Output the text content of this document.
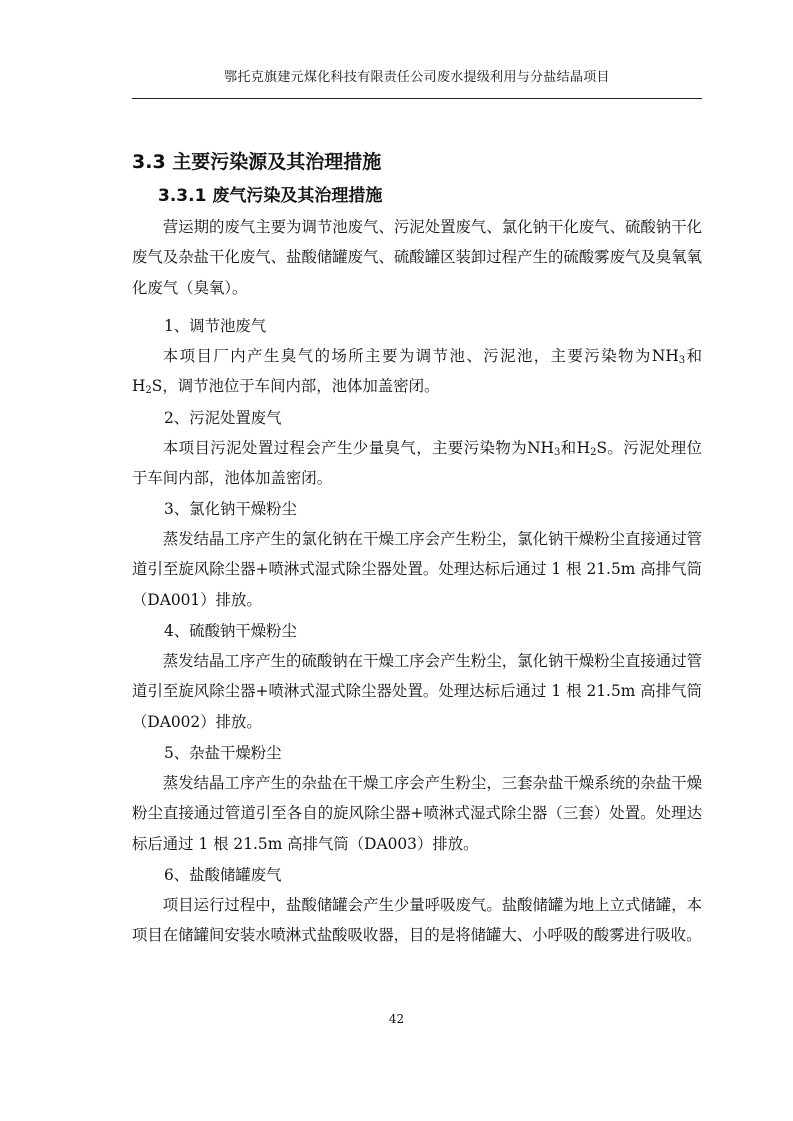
鄂托克旗建元煤化科技有限责任公司废水提级利用与分盐结晶项目
3.3 主要污染源及其治理措施
3.3.1 废气污染及其治理措施

营运期的废气主要为调节池废气、污泥处置废气、氯化钠干化废气、硫酸钠干化废气及杂盐干化废气、盐酸储罐废气、硫酸罐区装卸过程产生的硫酸雾废气及臭氧氧化废气（臭氧）。

1、调节池废气

本项目厂内产生臭气的场所主要为调节池、污泥池，主要污染物为$NH_3$和$H_2S$，调节池位于车间内部，池体加盖密闭。

2、污泥处置废气

本项目污泥处置过程会产生少量臭气，主要污染物为$NH_3$和$H_2S$。污泥处理位于车间内部，池体加盖密闭。

3、氯化钠干燥粉尘

蒸发结晶工序产生的氯化钠在干燥工序会产生粉尘，氯化钠干燥粉尘直接通过管道引至旋风除尘器+喷淋式湿式除尘器处置。处理达标后通过 1 根 21.5m 高排气筒（DA001）排放。

4、硫酸钠干燥粉尘

蒸发结晶工序产生的硫酸钠在干燥工序会产生粉尘，氯化钠干燥粉尘直接通过管道引至旋风除尘器+喷淋式湿式除尘器处置。处理达标后通过 1 根 21.5m 高排气筒（DA002）排放。

5、杂盐干燥粉尘

蒸发结晶工序产生的杂盐在干燥工序会产生粉尘，三套杂盐干燥系统的杂盐干燥粉尘直接通过管道引至各自的旋风除尘器+喷淋式湿式除尘器（三套）处置。处理达标后通过 1 根 21.5m 高排气筒（DA003）排放。

6、盐酸储罐废气

项目运行过程中，盐酸储罐会产生少量呼吸废气。盐酸储罐为地上立式储罐，本项目在储罐间安装水喷淋式盐酸吸收器，目的是将储罐大、小呼吸的酸雾进行吸收。

42
